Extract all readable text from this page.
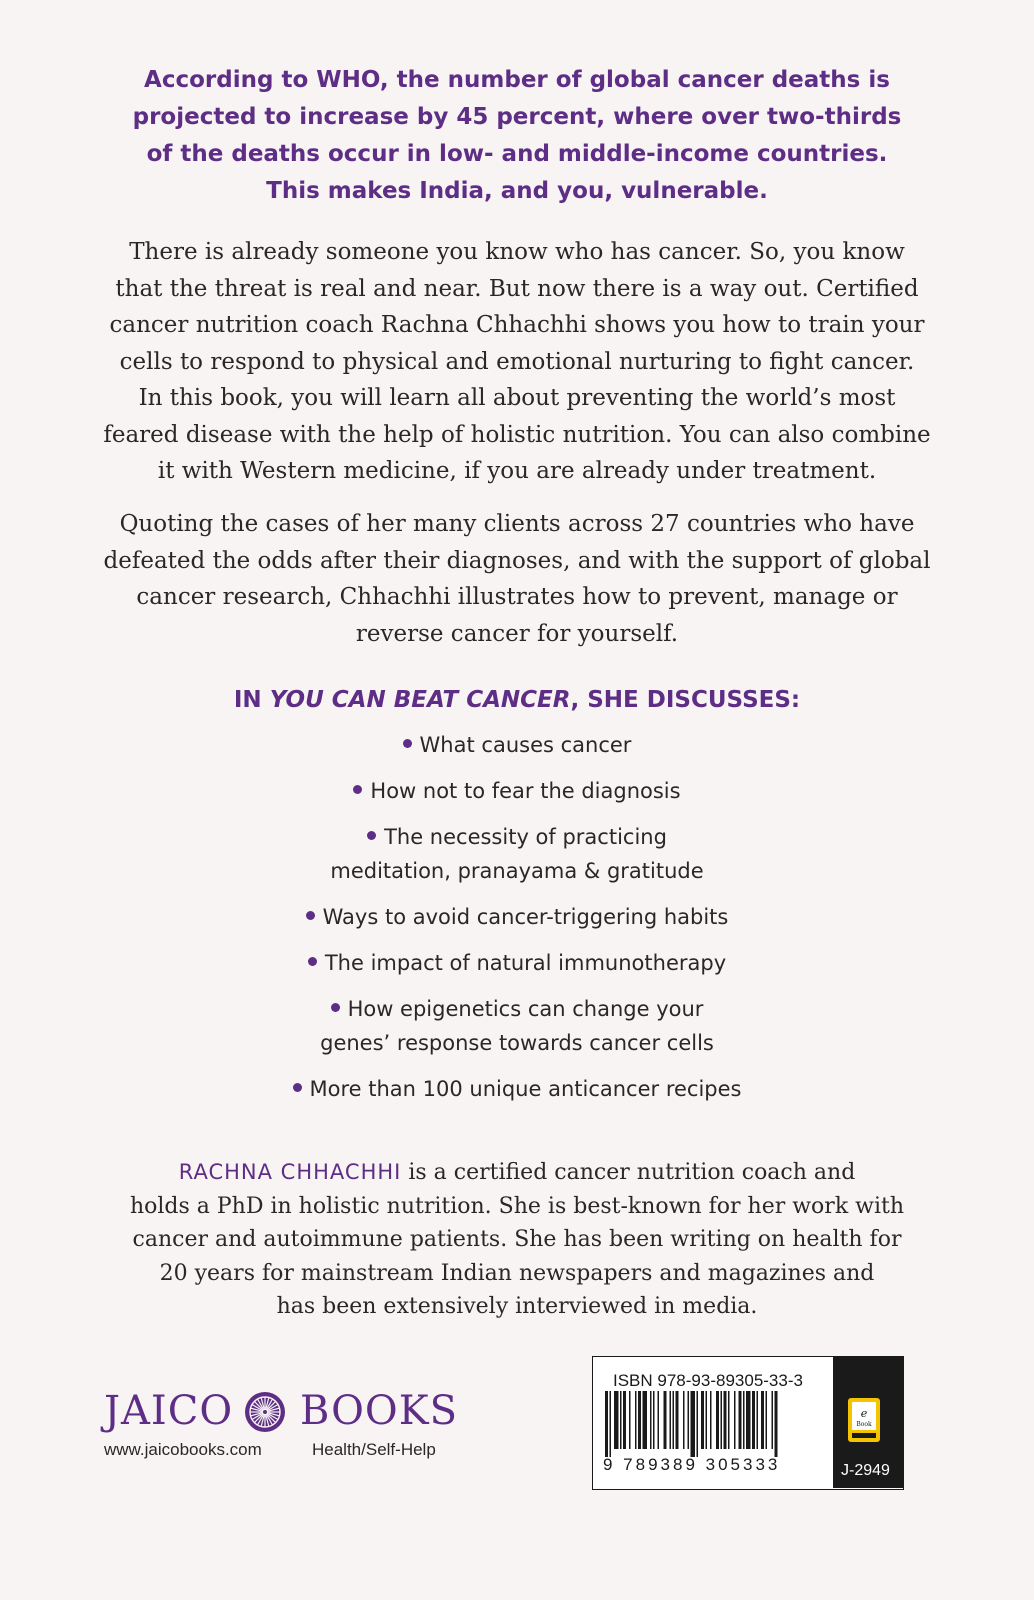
According to WHO, the number of global cancer deaths is
projected to increase by 45 percent, where over two-thirds
of the deaths occur in low- and middle-income countries.
This makes India, and you, vulnerable.
There is already someone you know who has cancer. So, you know
that the threat is real and near. But now there is a way out. Certified
cancer nutrition coach Rachna Chhachhi shows you how to train your
cells to respond to physical and emotional nurturing to fight cancer.
In this book, you will learn all about preventing the world’s most
feared disease with the help of holistic nutrition. You can also combine
it with Western medicine, if you are already under treatment.
Quoting the cases of her many clients across 27 countries who have
defeated the odds after their diagnoses, and with the support of global
cancer research, Chhachhi illustrates how to prevent, manage or
reverse cancer for yourself.
IN YOU CAN BEAT CANCER, SHE DISCUSSES:
What causes cancer
How not to fear the diagnosis
The necessity of practicing
meditation, pranayama & gratitude
Ways to avoid cancer-triggering habits
The impact of natural immunotherapy
How epigenetics can change your
genes’ response towards cancer cells
More than 100 unique anticancer recipes
RACHNA CHHACHHI is a certified cancer nutrition coach and
holds a PhD in holistic nutrition. She is best-known for her work with
cancer and autoimmune patients. She has been writing on health for
20 years for mainstream Indian newspapers and magazines and
has been extensively interviewed in media.
JAICO BOOKS
www.jaicobooks.com	Health/Self-Help
ISBN 978-93-89305-33-3
9 789389 305333
e
Book
J-2949
